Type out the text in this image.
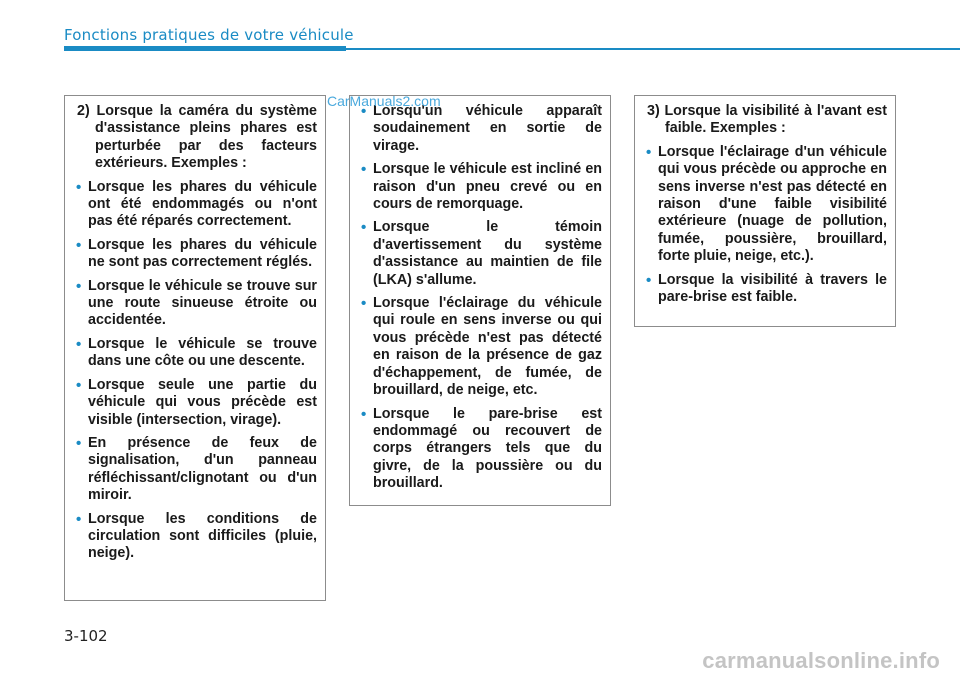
Fonctions pratiques de votre véhicule

2) Lorsque la caméra du système d'assistance pleins phares est perturbée par des facteurs extérieurs. Exemples :

• Lorsque les phares du véhicule ont été endommagés ou n'ont pas été réparés correctement.
• Lorsque les phares du véhicule ne sont pas correctement réglés.
• Lorsque le véhicule se trouve sur une route sinueuse étroite ou accidentée.
• Lorsque le véhicule se trouve dans une côte ou une descente.
• Lorsque seule une partie du véhicule qui vous précède est visible (intersection, virage).
• En présence de feux de signalisation, d'un panneau réfléchissant/clignotant ou d'un miroir.
• Lorsque les conditions de circulation sont difficiles (pluie, neige).
• Lorsqu'un véhicule apparaît soudainement en sortie de virage.
• Lorsque le véhicule est incliné en raison d'un pneu crevé ou en cours de remorquage.
• Lorsque le témoin d'avertissement du système d'assistance au maintien de file (LKA) s'allume.
• Lorsque l'éclairage du véhicule qui roule en sens inverse ou qui vous précède n'est pas détecté en raison de la présence de gaz d'échappement, de fumée, de brouillard, de neige, etc.
• Lorsque le pare-brise est endommagé ou recouvert de corps étrangers tels que du givre, de la poussière ou du brouillard.

3) Lorsque la visibilité à l'avant est faible. Exemples :

• Lorsque l'éclairage d'un véhicule qui vous précède ou approche en sens inverse n'est pas détecté en raison d'une faible visibilité extérieure (nuage de pollution, fumée, poussière, brouillard, forte pluie, neige, etc.).
• Lorsque la visibilité à travers le pare-brise est faible.
CarManuals2.com
3-102
carmanualsonline.info
